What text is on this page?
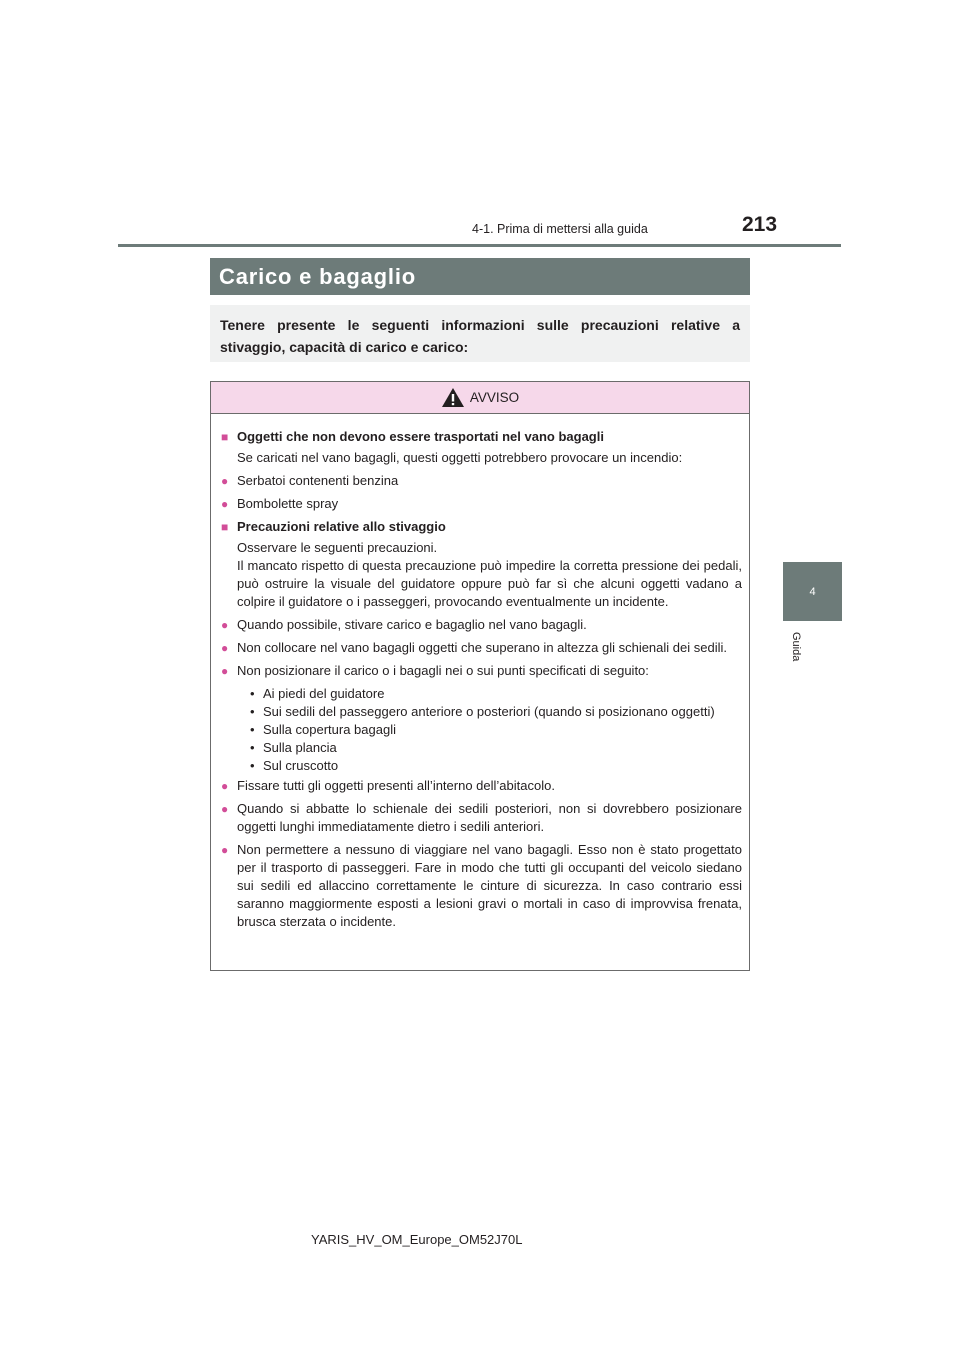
4-1. Prima di mettersi alla guida	213
4
Guida
Carico e bagaglio
Tenere presente le seguenti informazioni sulle precauzioni relative a stivaggio, capacità di carico e carico:
AVVISO
■ Oggetti che non devono essere trasportati nel vano bagagli
Se caricati nel vano bagagli, questi oggetti potrebbero provocare un incendio:
● Serbatoi contenenti benzina
● Bombolette spray
■ Precauzioni relative allo stivaggio
Osservare le seguenti precauzioni.
Il mancato rispetto di questa precauzione può impedire la corretta pressione dei pedali, può ostruire la visuale del guidatore oppure può far sì che alcuni oggetti vadano a colpire il guidatore o i passeggeri, provocando eventualmente un incidente.
● Quando possibile, stivare carico e bagaglio nel vano bagagli.
● Non collocare nel vano bagagli oggetti che superano in altezza gli schienali dei sedili.
● Non posizionare il carico o i bagagli nei o sui punti specificati di seguito:
• Ai piedi del guidatore
• Sui sedili del passeggero anteriore o posteriori (quando si posizionano oggetti)
• Sulla copertura bagagli
• Sulla plancia
• Sul cruscotto
● Fissare tutti gli oggetti presenti all’interno dell’abitacolo.
● Quando si abbatte lo schienale dei sedili posteriori, non si dovrebbero posizionare oggetti lunghi immediatamente dietro i sedili anteriori.
● Non permettere a nessuno di viaggiare nel vano bagagli. Esso non è stato progettato per il trasporto di passeggeri. Fare in modo che tutti gli occupanti del veicolo siedano sui sedili ed allaccino correttamente le cinture di sicurezza. In caso contrario essi saranno maggiormente esposti a lesioni gravi o mortali in caso di improvvisa frenata, brusca sterzata o incidente.
YARIS_HV_OM_Europe_OM52J70L
